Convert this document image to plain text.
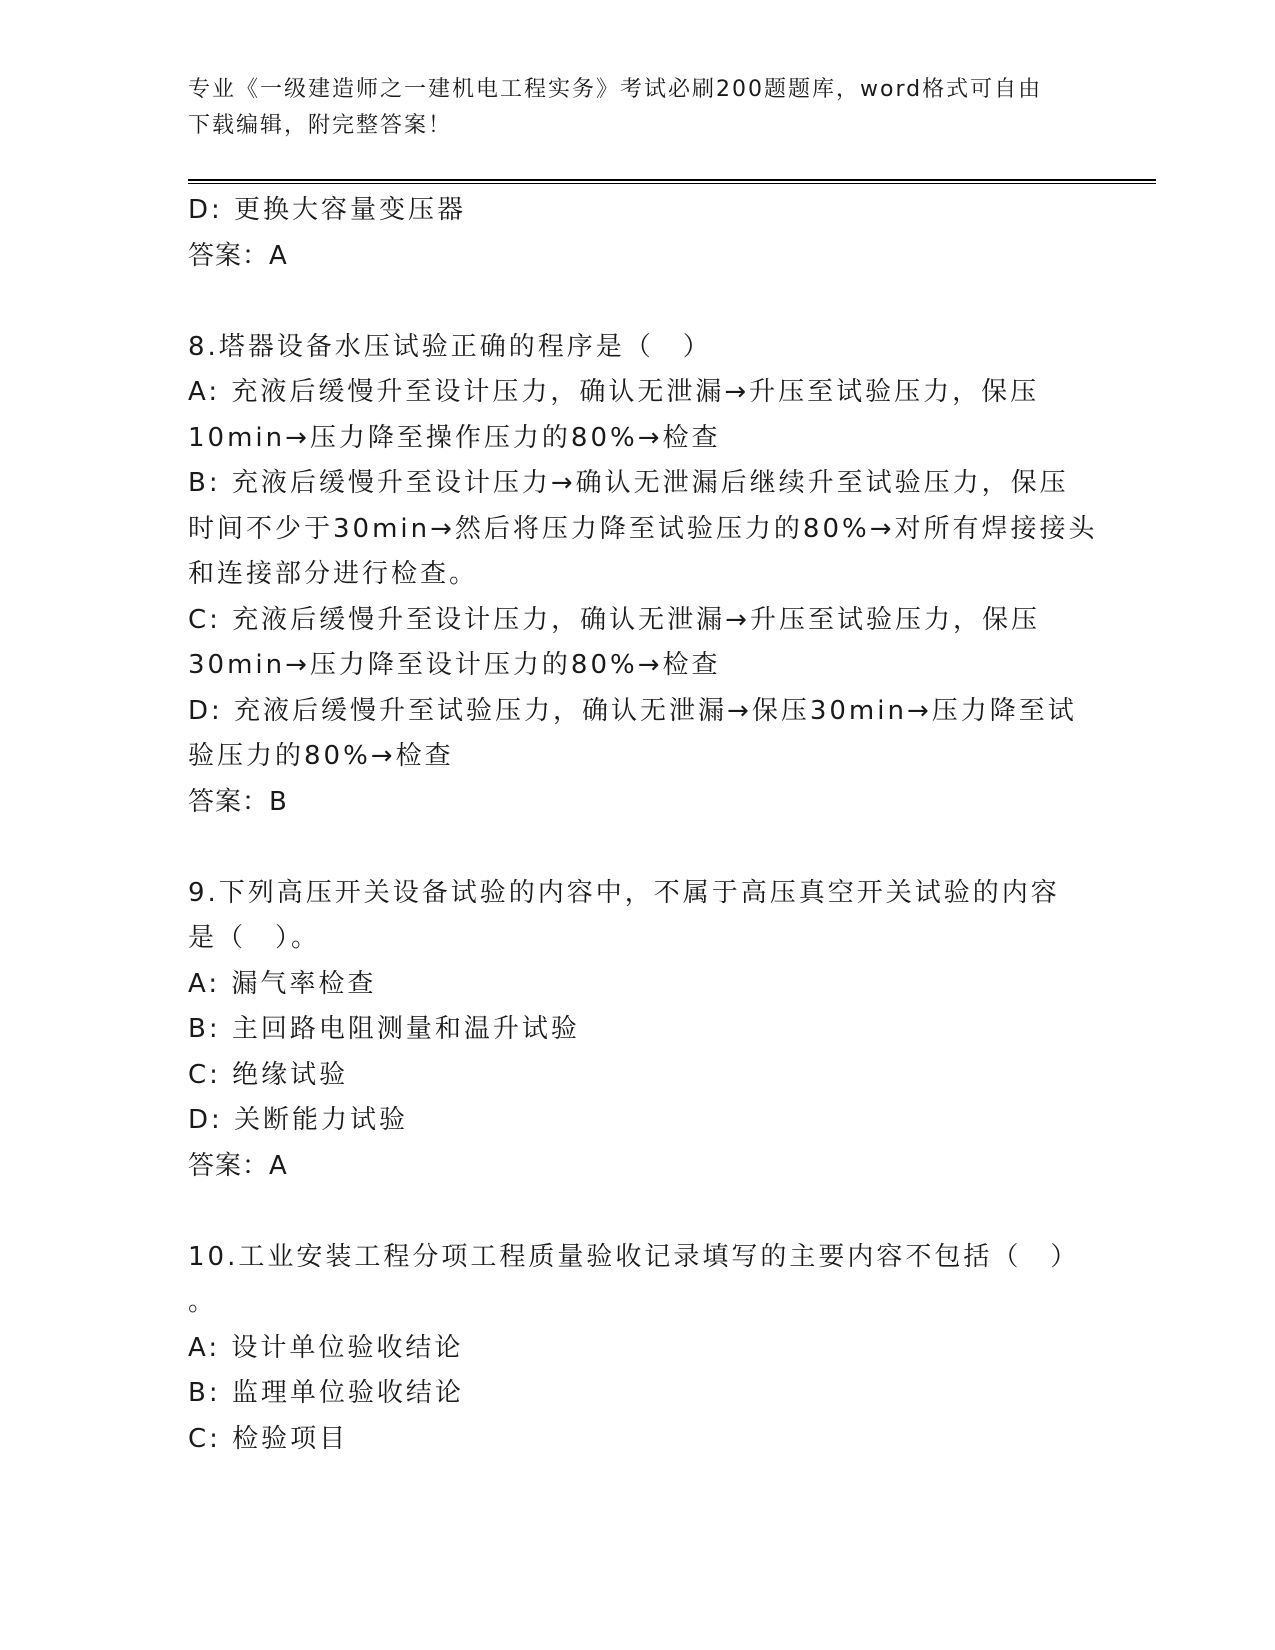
专业《一级建造师之一建机电工程实务》考试必刷200题题库，word格式可自由
下载编辑，附完整答案！
D: 更换大容量变压器
答案：A
8.塔器设备水压试验正确的程序是（　）
A: 充液后缓慢升至设计压力，确认无泄漏→升压至试验压力，保压
10min→压力降至操作压力的80%→检查
B: 充液后缓慢升至设计压力→确认无泄漏后继续升至试验压力，保压
时间不少于30min→然后将压力降至试验压力的80%→对所有焊接接头
和连接部分进行检查。
C: 充液后缓慢升至设计压力，确认无泄漏→升压至试验压力，保压
30min→压力降至设计压力的80%→检查
D: 充液后缓慢升至试验压力，确认无泄漏→保压30min→压力降至试
验压力的80%→检查
答案：B
9.下列高压开关设备试验的内容中，不属于高压真空开关试验的内容
是（　）。
A: 漏气率检查
B: 主回路电阻测量和温升试验
C: 绝缘试验
D: 关断能力试验
答案：A
10.工业安装工程分项工程质量验收记录填写的主要内容不包括（　）
。
A: 设计单位验收结论
B: 监理单位验收结论
C: 检验项目
